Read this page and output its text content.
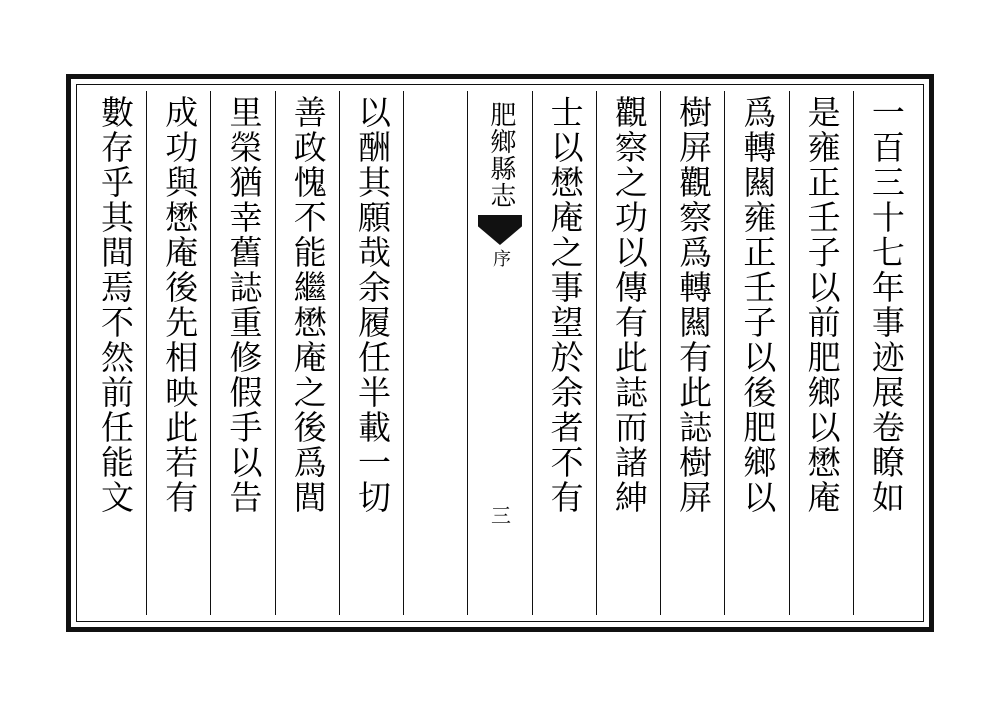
一百三十七年事迹展卷瞭如
是雍正壬子以前肥鄉以懋庵
爲轉闗雍正壬子以後肥鄉以
樹屏觀察爲轉闗有此誌樹屏
觀察之功以傳有此誌而諸紳
士以懋庵之事望於余者不有
肥鄉縣志
序
三
以酬其願哉余履任半載一切
善政愧不能繼懋庵之後爲閭
里榮猶幸舊誌重修假手以告
成功與懋庵後先相映此若有
數存乎其間焉不然前任能文
